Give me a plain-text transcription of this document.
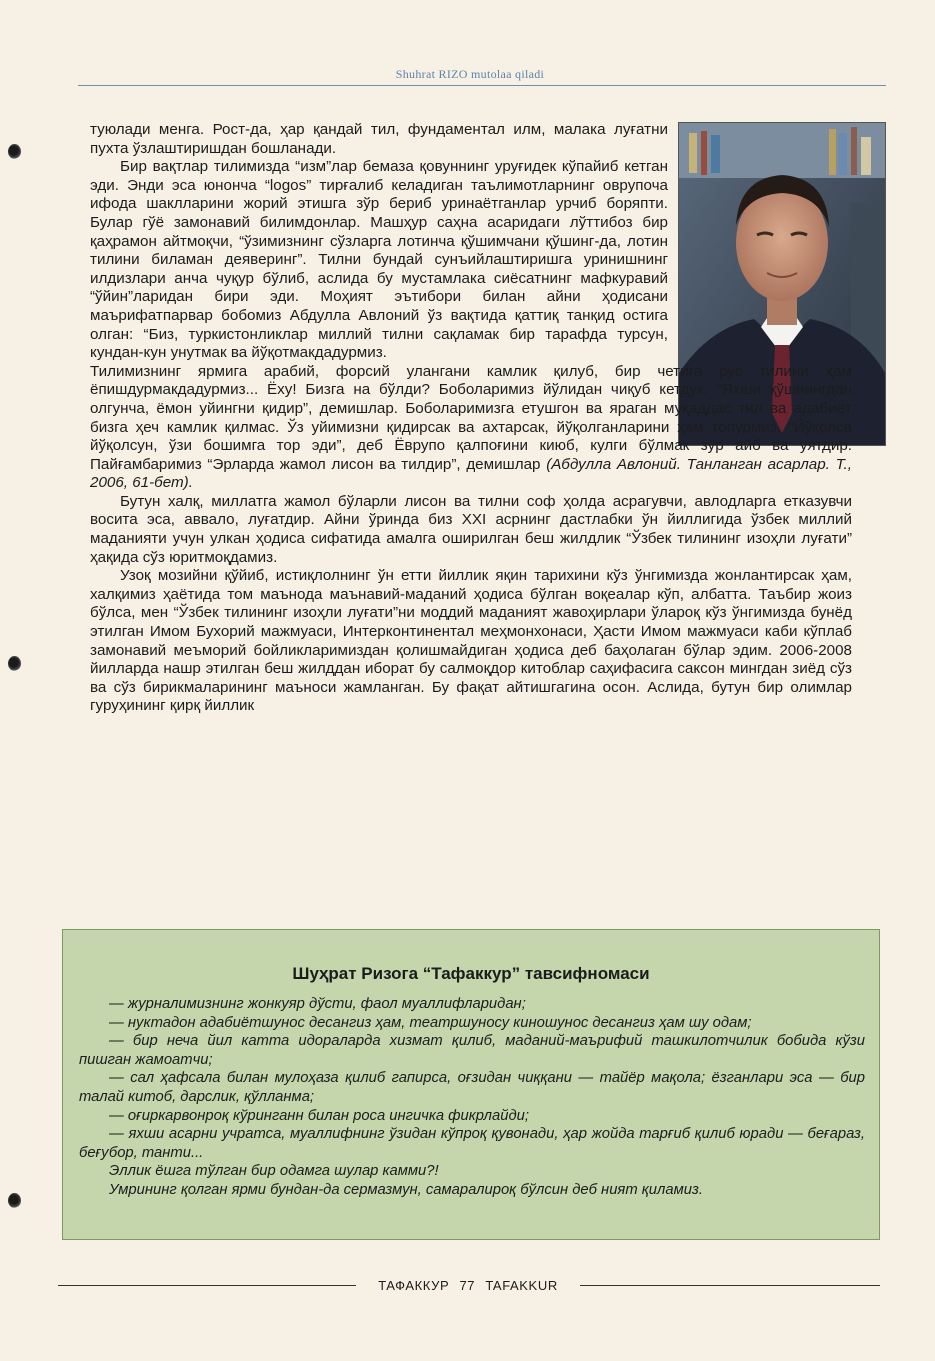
Shuhrat RIZO mutolaa qiladi

туюлади менга. Рост-да, ҳар қандай тил, фундаментал илм, малака луғатни пухта ўзлаштиришдан бошланади.

Бир вақтлар тилимизда “изм”лар бемаза қовуннинг уруғидек кўпайиб кетган эди. Энди эса юнонча “logos” тирғалиб келадиган таълимотларнинг оврупоча ифода шаклларини жорий этишга зўр бериб уринаётганлар урчиб боряпти. Булар гўё замонавий билимдонлар. Машҳур саҳна асаридаги лўттибоз бир қаҳрамон айтмоқчи, “ўзимизнинг сўзларга лотинча қўшимчани қўшинг-да, лотин тилини биламан деяверинг”. Тилни бундай сунъийлаштиришга уринишнинг илдизлари анча чуқур бўлиб, аслида бу мустамлака сиёсатнинг мафкуравий “ўйин”ларидан бири эди. Моҳият эътибори билан айни ҳодисани маърифатпарвар бобомиз Абдулла Авлоний ўз вақтида қаттиқ танқид остига олган: “Биз, туркистонликлар миллий тилни сақламак бир тарафда турсун, кундан-кун унутмак ва йўқотмакдадурмиз.

Тилимизнинг ярмига арабий, форсий улангани камлик қилуб, бир четига рус тилини ҳам ёпишдурмакдадурмиз... Ёху! Бизга на бўлди? Боболаримиз йўлидан чиқуб кетдук. “Яхши қўшнингдан олгунча, ёмон уйингни қидир”, демишлар. Боболаримизга етушгон ва яраган муқаддас тил ва адабиёт бизга ҳеч камлик қилмас. Ўз уйимизни қидирсак ва ахтарсак, йўқолганларини ҳам топурмиз. “Йўқолса йўқолсун, ўзи бошимга тор эди”, деб Ёврупо қалпоғини киюб, кулги бўлмак зўр айб ва уятдир. Пайғамбаримиз “Эрларда жамол лисон ва тилдир”, демишлар (Абдулла Авлоний. Танланган асарлар. Т., 2006, 61-бет).

Бутун халқ, миллатга жамол бўларли лисон ва тилни соф ҳолда асрагувчи, авлодларга етказувчи восита эса, аввало, луғатдир. Айни ўринда биз XXI асрнинг дастлабки ўн йиллигида ўзбек миллий маданияти учун улкан ҳодиса сифатида амалга оширилган беш жилдлик “Ўзбек тилининг изоҳли луғати” ҳақида сўз юритмоқдамиз.

Узоқ мозийни қўйиб, истиқлолнинг ўн етти йиллик яқин тарихини кўз ўнгимизда жонлантирсак ҳам, халқимиз ҳаётида том маънода маънавий-маданий ҳодиса бўлган воқеалар кўп, албатта. Таъбир жоиз бўлса, мен “Ўзбек тилининг изоҳли луғати”ни моддий маданият жавоҳирлари ўлароқ кўз ўнгимизда бунёд этилган Имом Бухорий мажмуаси, Интерконтинентал меҳмонхонаси, Ҳасти Имом мажмуаси каби кўплаб замонавий меъморий бойликларимиздан қолишмайдиган ҳодиса деб баҳолаган бўлар эдим. 2006-2008 йилларда нашр этилган беш жилддан иборат бу салмоқдор китоблар саҳифасига саксон мингдан зиёд сўз ва сўз бирикмаларининг маъноси жамланган. Бу фақат айтишгагина осон. Аслида, бутун бир олимлар гуруҳининг қирқ йиллик

Шуҳрат Ризога “Тафаккур” тавсифномаси

— журналимизнинг жонкуяр дўсти, фаол муаллифларидан;

— нуктадон адабиётшунос десангиз ҳам, театршуносу киношунос десангиз ҳам шу одам;

— бир неча йил катта идораларда хизмат қилиб, маданий-маърифий ташкилотчилик бобида кўзи пишган жамоатчи;

— сал ҳафсала билан мулоҳаза қилиб гапирса, оғзидан чиққани — тайёр мақола; ёзганлари эса — бир талай китоб, дарслик, қўлланма;

— оғиркарвонроқ кўринганн билан роса ингичка фикрлайди;

— яхши асарни учратса, муаллифнинг ўзидан кўпроқ қувонади, ҳар жойда тарғиб қилиб юради — беғараз, беғубор, танти...

Эллик ёшга тўлган бир одамга шулар камми?!

Умрининг қолган ярми бундан-да сермазмун, самаралироқ бўлсин деб ният қиламиз.

ТАФАККУР 77 TAFAKKUR
